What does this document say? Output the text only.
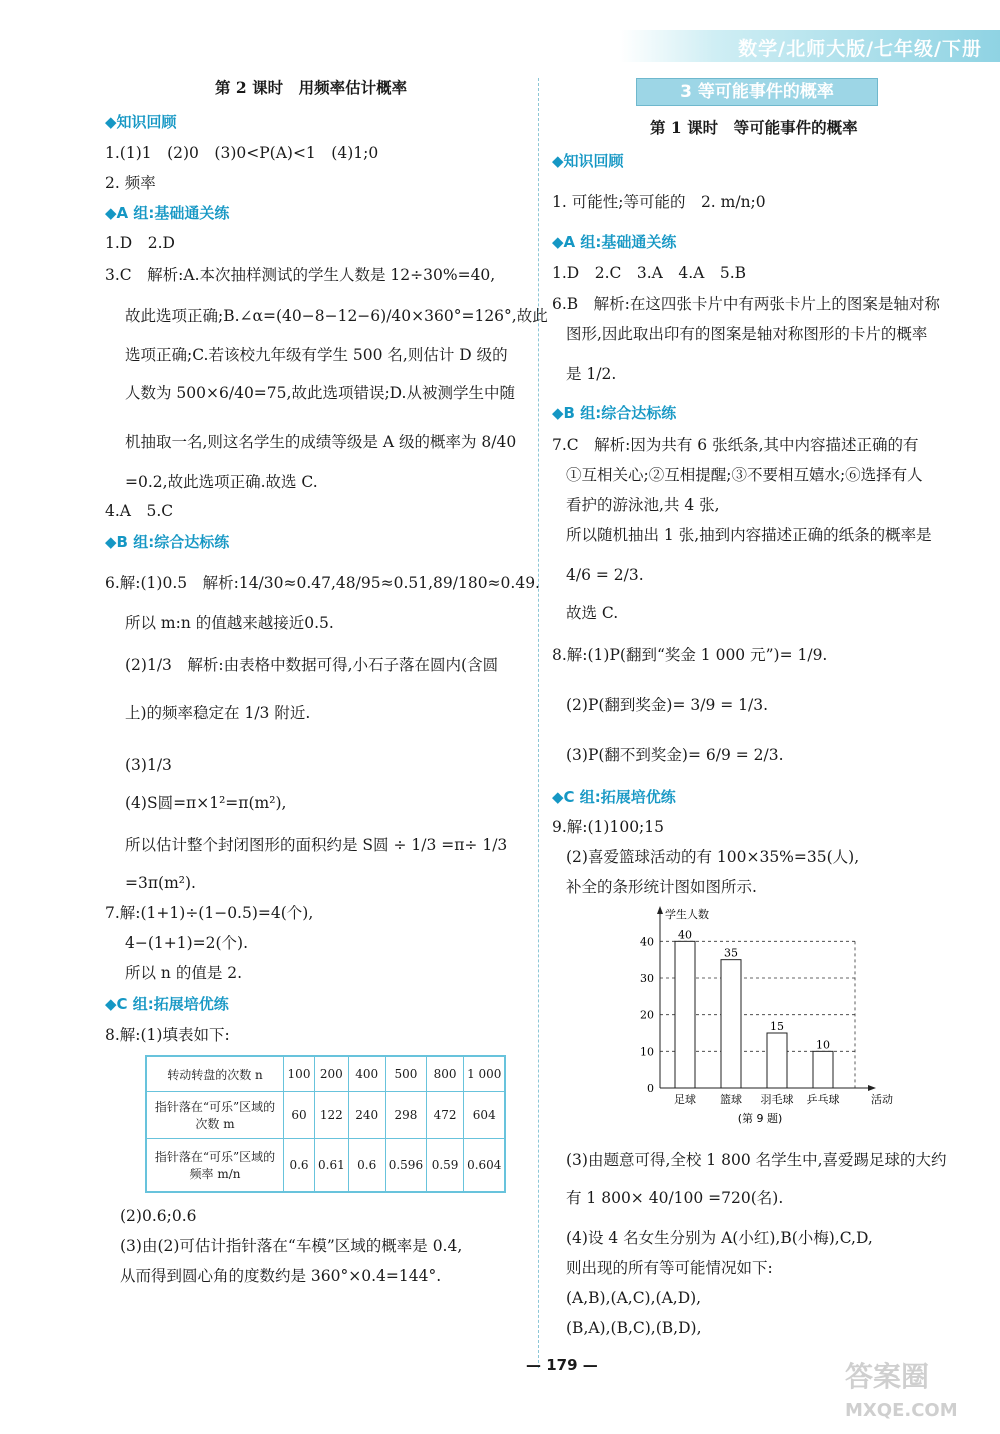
数学/北师大版/七年级/下册
第 2 课时　用频率估计概率
◆知识回顾
1.(1)1　(2)0　(3)0<P(A)<1　(4)1;0
2. 频率
◆A 组:基础通关练
1.D　2.D
3.C　解析:A.本次抽样测试的学生人数是 12÷30%=40,
故此选项正确;B.∠α=(40−8−12−6)/40×360°=126°,故此
选项正确;C.若该校九年级有学生 500 名,则估计 D 级的
人数为 500×6/40=75,故此选项错误;D.从被测学生中随
机抽取一名,则这名学生的成绩等级是 A 级的概率为 8/40
=0.2,故此选项正确.故选 C.
4.A　5.C
◆B 组:综合达标练
6.解:(1)0.5　解析:14/30≈0.47,48/95≈0.51,89/180≈0.49.
所以 m:n 的值越来越接近0.5.
(2)1/3　解析:由表格中数据可得,小石子落在圆内(含圆
上)的频率稳定在 1/3 附近.
(3)1/3
(4)S圆=π×1²=π(m²),
所以估计整个封闭图形的面积约是 S圆 ÷ 1/3 =π÷ 1/3
=3π(m²).
7.解:(1+1)÷(1−0.5)=4(个),
4−(1+1)=2(个).
所以 n 的值是 2.
◆C 组:拓展培优练
8.解:(1)填表如下:
(2)0.6;0.6
(3)由(2)可估计指针落在“车模”区域的概率是 0.4,
从而得到圆心角的度数约是 360°×0.4=144°.
转动转盘的次数 n	100	200	400	500	800	1 000
指针落在“可乐”区域的次数 m	60	122	240	298	472	604
指针落在“可乐”区域的频率 m/n	0.6	0.61	0.6	0.596	0.59	0.604
3 等可能事件的概率
第 1 课时　等可能事件的概率
◆知识回顾
1. 可能性;等可能的　2. m/n;0
◆A 组:基础通关练
1.D　2.C　3.A　4.A　5.B
6.B　解析:在这四张卡片中有两张卡片上的图案是轴对称
图形,因此取出印有的图案是轴对称图形的卡片的概率
是 1/2.
◆B 组:综合达标练
7.C　解析:因为共有 6 张纸条,其中内容描述正确的有
①互相关心;②互相提醒;③不要相互嬉水;⑥选择有人
看护的游泳池,共 4 张,
所以随机抽出 1 张,抽到内容描述正确的纸条的概率是
4/6 = 2/3.
故选 C.
8.解:(1)P(翻到“奖金 1 000 元”)= 1/9.
(2)P(翻到奖金)= 3/9 = 1/3.
(3)P(翻不到奖金)= 6/9 = 2/3.
◆C 组:拓展培优练
9.解:(1)100;15
(2)喜爱篮球活动的有 100×35%=35(人),
补全的条形统计图如图所示.
(3)由题意可得,全校 1 800 名学生中,喜爱踢足球的大约
有 1 800× 40/100 =720(名).
(4)设 4 名女生分别为 A(小红),B(小梅),C,D,
则出现的所有等可能情况如下:
(A,B),(A,C),(A,D),
(B,A),(B,C),(B,D),
0
10
20
30
40
学生人数
活动
40
足球
35
篮球
15
羽毛球
10
乒乓球
(第 9 题)
— 179 —	答案圈
MXQE.COM
